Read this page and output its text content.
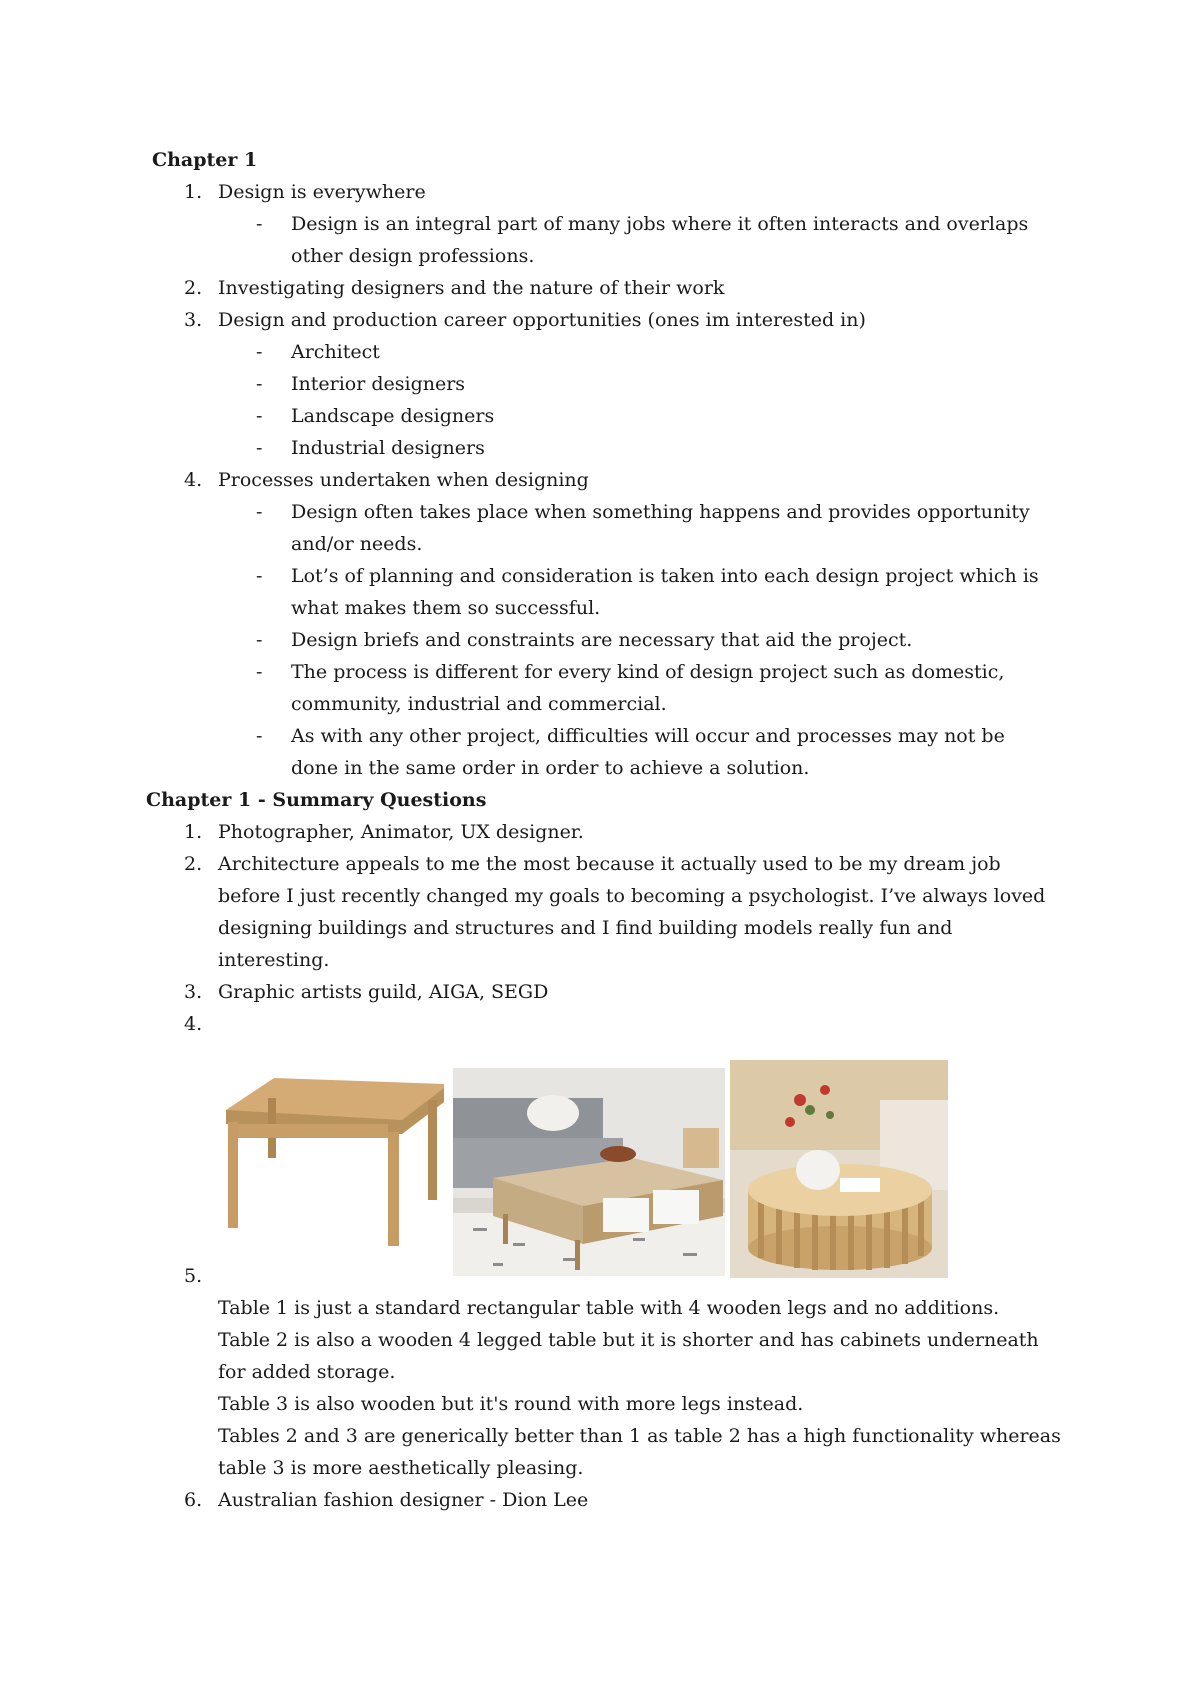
Chapter 1
1. Design is everywhere
- Design is an integral part of many jobs where it often interacts and overlaps
other design professions.
2. Investigating designers and the nature of their work
3. Design and production career opportunities (ones im interested in)
- Architect
- Interior designers
- Landscape designers
- Industrial designers
4. Processes undertaken when designing
- Design often takes place when something happens and provides opportunity
and/or needs.
- Lot’s of planning and consideration is taken into each design project which is
what makes them so successful.
- Design briefs and constraints are necessary that aid the project.
- The process is different for every kind of design project such as domestic,
community, industrial and commercial.
- As with any other project, difficulties will occur and processes may not be
done in the same order in order to achieve a solution.
Chapter 1 - Summary Questions
1. Photographer, Animator, UX designer.
2. Architecture appeals to me the most because it actually used to be my dream job
before I just recently changed my goals to becoming a psychologist. I’ve always loved
designing buildings and structures and I find building models really fun and
interesting.
3. Graphic artists guild, AIGA, SEGD
4.
5.
Table 1 is just a standard rectangular table with 4 wooden legs and no additions.
Table 2 is also a wooden 4 legged table but it is shorter and has cabinets underneath
for added storage.
Table 3 is also wooden but it's round with more legs instead.
Tables 2 and 3 are generically better than 1 as table 2 has a high functionality whereas
table 3 is more aesthetically pleasing.
6. Australian fashion designer - Dion Lee
